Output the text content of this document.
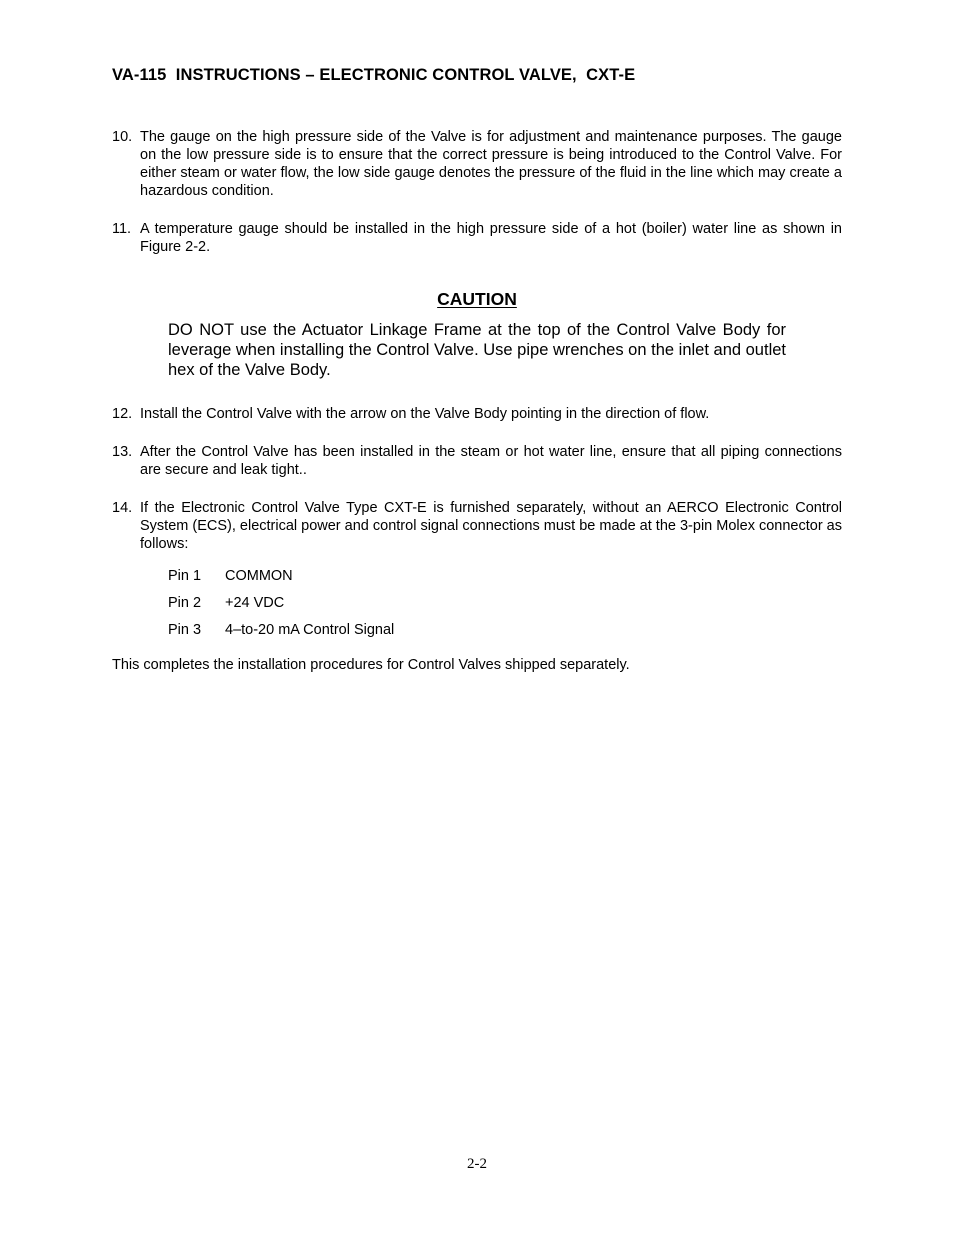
VA-115  INSTRUCTIONS – ELECTRONIC CONTROL VALVE,  CXT-E
10. The gauge on the high pressure side of the Valve is for adjustment and maintenance purposes. The gauge on the low pressure side is to ensure that the correct pressure is being introduced to the Control Valve. For either steam or water flow, the low side gauge denotes the pressure of the fluid in the line which may create a hazardous condition.
11. A temperature gauge should be installed in the high pressure side of a hot (boiler) water line as shown in Figure 2-2.
CAUTION
DO NOT use the Actuator Linkage Frame at the top of the Control Valve Body for leverage when installing the Control Valve. Use pipe wrenches on the inlet and outlet hex of the Valve Body.
12. Install the Control Valve with the arrow on the Valve Body pointing in the direction of flow.
13. After the Control Valve has been installed in the steam or hot water line, ensure that all piping connections are secure and leak tight..
14. If the Electronic Control Valve Type CXT-E is furnished separately, without an AERCO Electronic Control System (ECS), electrical power and control signal connections must be made at the 3-pin Molex connector as follows:
Pin 1 COMMON
Pin 2 +24 VDC
Pin 3 4–to-20 mA Control Signal
This completes the installation procedures for Control Valves shipped separately.
2-2
